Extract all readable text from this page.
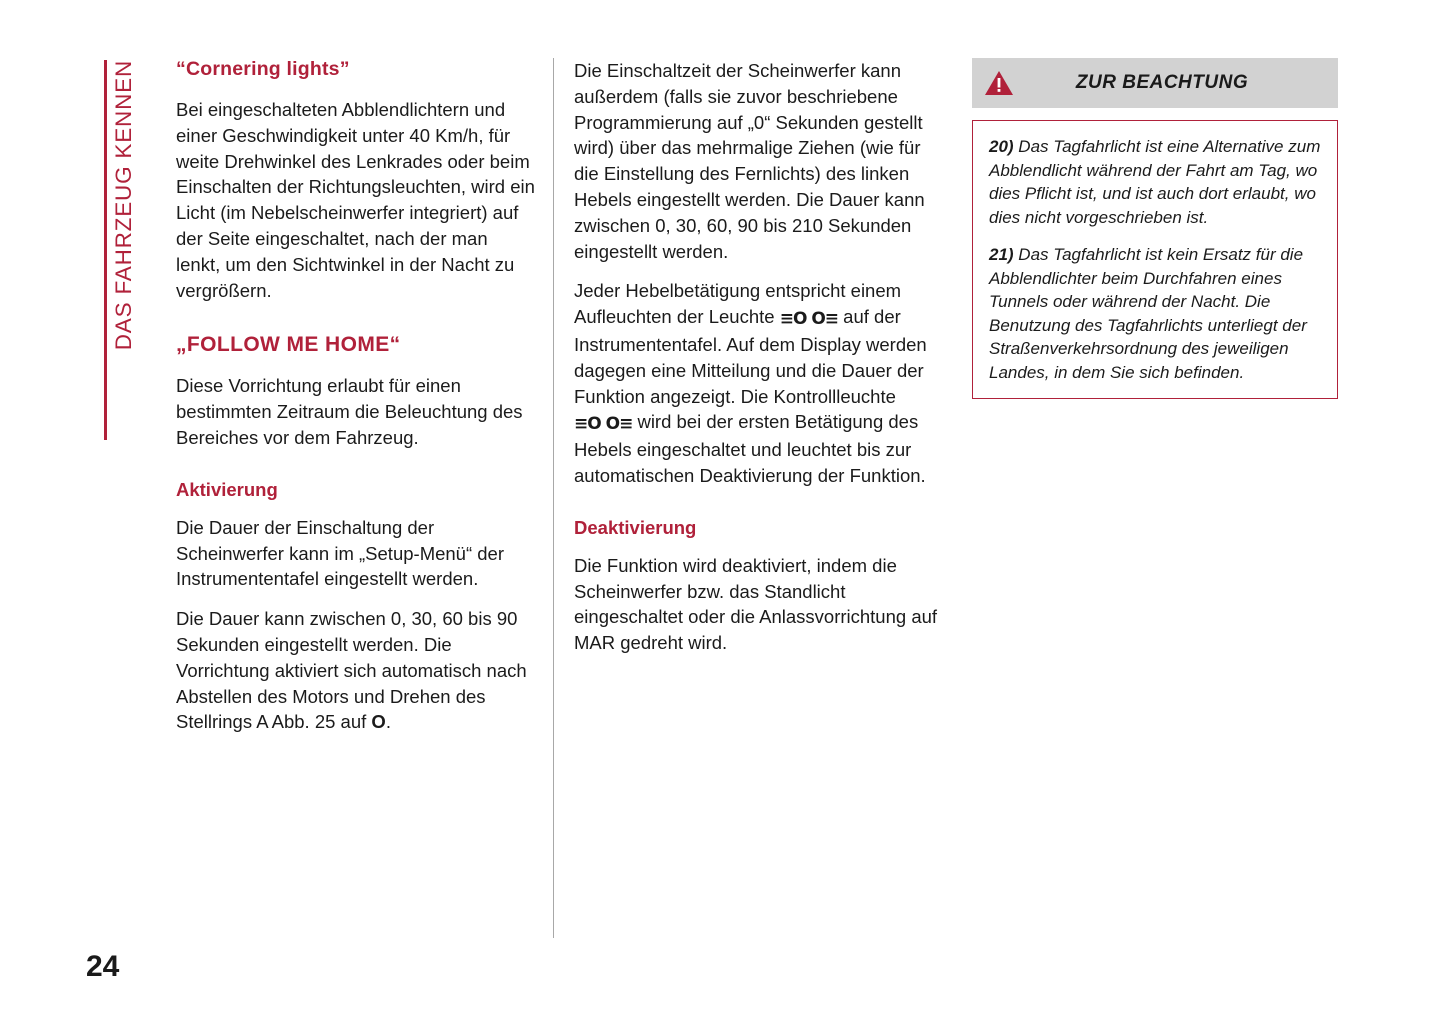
DAS FAHRZEUG KENNEN “Cornering lights”

Bei eingeschalteten Abblendlichtern und einer Geschwindigkeit unter 40 Km/h, für weite Drehwinkel des Lenkrades oder beim Einschalten der Richtungsleuchten, wird ein Licht (im Nebelscheinwerfer integriert) auf der Seite eingeschaltet, nach der man lenkt, um den Sichtwinkel in der Nacht zu vergrößern.

„FOLLOW ME HOME“

Diese Vorrichtung erlaubt für einen bestimmten Zeitraum die Beleuchtung des Bereiches vor dem Fahrzeug.

Aktivierung

Die Dauer der Einschaltung der Scheinwerfer kann im „Setup-Menü“ der Instrumententafel eingestellt werden.

Die Dauer kann zwischen 0, 30, 60 bis 90 Sekunden eingestellt werden. Die Vorrichtung aktiviert sich automatisch nach Abstellen des Motors und Drehen des Stellrings A Abb. 25 auf O.

Die Einschaltzeit der Scheinwerfer kann außerdem (falls sie zuvor beschriebene Programmierung auf „0“ Sekunden gestellt wird) über das mehrmalige Ziehen (wie für die Einstellung des Fernlichts) des linken Hebels eingestellt werden. Die Dauer kann zwischen 0, 30, 60, 90 bis 210 Sekunden eingestellt werden.

Jeder Hebelbetätigung entspricht einem Aufleuchten der Leuchte ≡O O≡ auf der Instrumententafel. Auf dem Display werden dagegen eine Mitteilung und die Dauer der Funktion angezeigt. Die Kontrollleuchte ≡O O≡ wird bei der ersten Betätigung des Hebels eingeschaltet und leuchtet bis zur automatischen Deaktivierung der Funktion.

Deaktivierung

Die Funktion wird deaktiviert, indem die Scheinwerfer bzw. das Standlicht eingeschaltet oder die Anlassvorrichtung auf MAR gedreht wird.

ZUR BEACHTUNG

20) Das Tagfahrlicht ist eine Alternative zum Abblendlicht während der Fahrt am Tag, wo dies Pflicht ist, und ist auch dort erlaubt, wo dies nicht vorgeschrieben ist.

21) Das Tagfahrlicht ist kein Ersatz für die Abblendlichter beim Durchfahren eines Tunnels oder während der Nacht. Die Benutzung des Tagfahrlichts unterliegt der Straßenverkehrsordnung des jeweiligen Landes, in dem Sie sich befinden.

24
